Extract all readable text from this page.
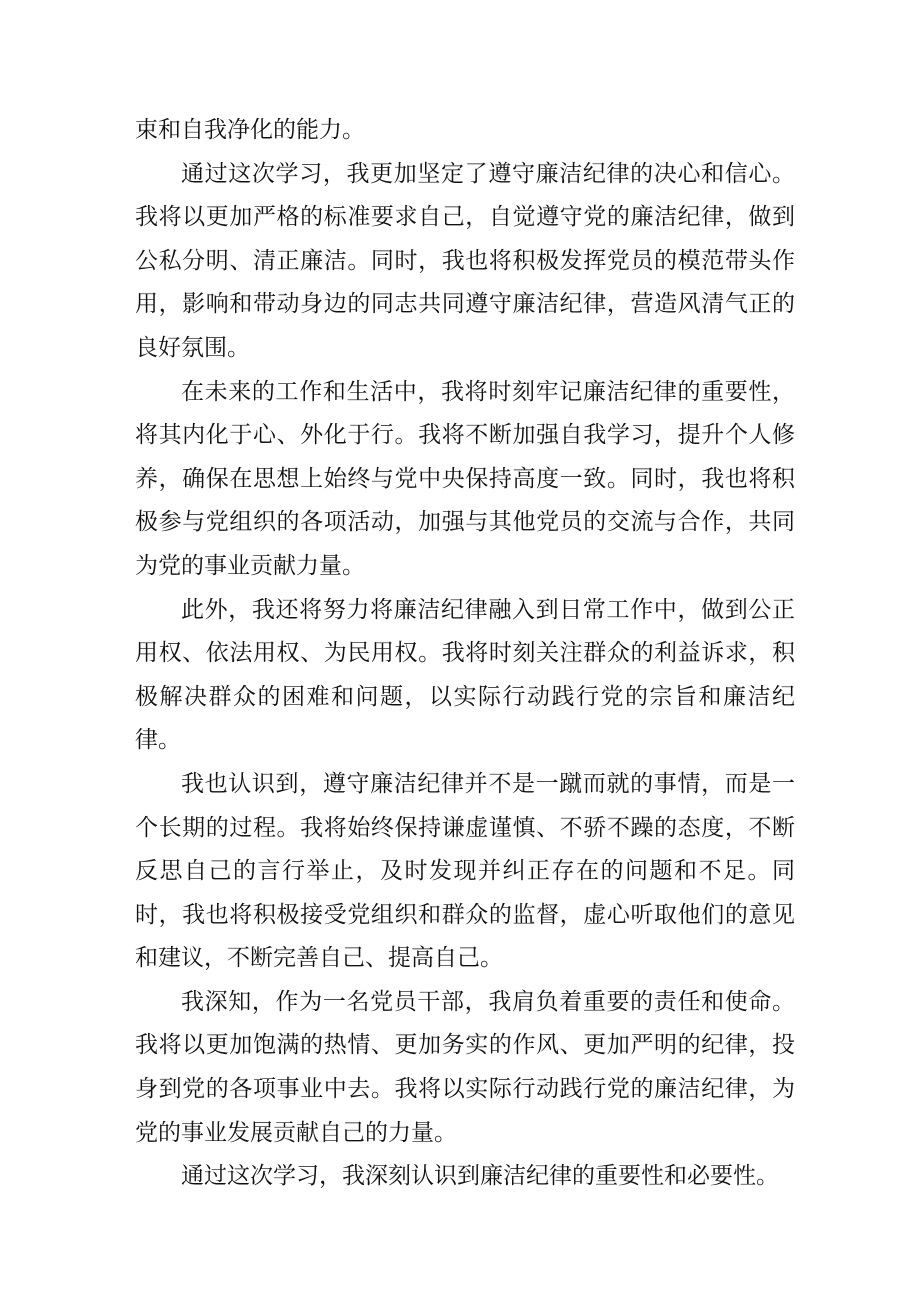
束和自我净化的能力。

通过这次学习，我更加坚定了遵守廉洁纪律的决心和信心。我将以更加严格的标准要求自己，自觉遵守党的廉洁纪律，做到公私分明、清正廉洁。同时，我也将积极发挥党员的模范带头作用，影响和带动身边的同志共同遵守廉洁纪律，营造风清气正的良好氛围。

在未来的工作和生活中，我将时刻牢记廉洁纪律的重要性，将其内化于心、外化于行。我将不断加强自我学习，提升个人修养，确保在思想上始终与党中央保持高度一致。同时，我也将积极参与党组织的各项活动，加强与其他党员的交流与合作，共同为党的事业贡献力量。

此外，我还将努力将廉洁纪律融入到日常工作中，做到公正用权、依法用权、为民用权。我将时刻关注群众的利益诉求，积极解决群众的困难和问题，以实际行动践行党的宗旨和廉洁纪律。

我也认识到，遵守廉洁纪律并不是一蹴而就的事情，而是一个长期的过程。我将始终保持谦虚谨慎、不骄不躁的态度，不断反思自己的言行举止，及时发现并纠正存在的问题和不足。同时，我也将积极接受党组织和群众的监督，虚心听取他们的意见和建议，不断完善自己、提高自己。

我深知，作为一名党员干部，我肩负着重要的责任和使命。我将以更加饱满的热情、更加务实的作风、更加严明的纪律，投身到党的各项事业中去。我将以实际行动践行党的廉洁纪律，为党的事业发展贡献自己的力量。

通过这次学习，我深刻认识到廉洁纪律的重要性和必要性。
